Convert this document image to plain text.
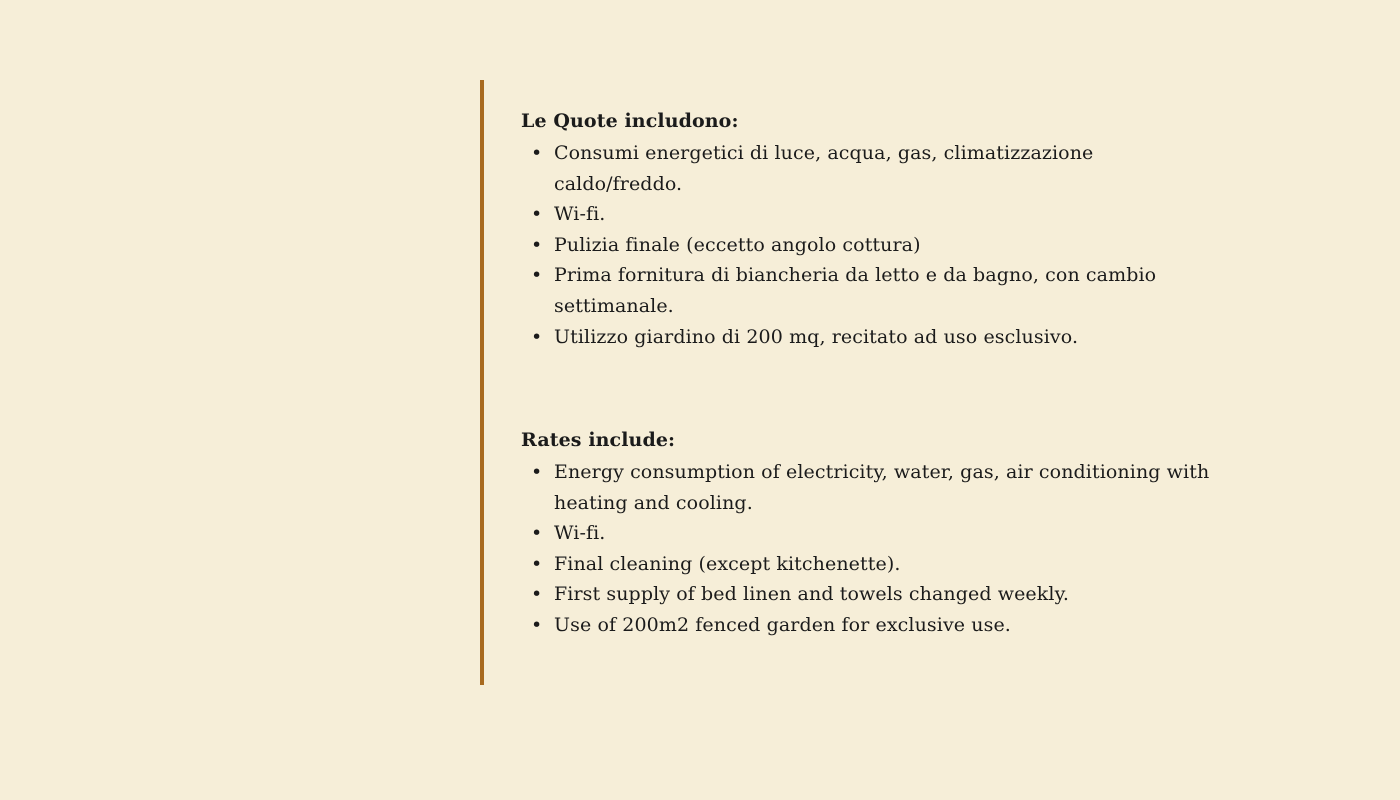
Le Quote includono:
• Consumi energetici di luce, acqua, gas, climatizzazione caldo/freddo.
• Wi-fi.
• Pulizia finale (eccetto angolo cottura)
• Prima fornitura di biancheria da letto e da bagno, con cambio settimanale.
• Utilizzo giardino di 200 mq, recitato ad uso esclusivo.
Rates include:
• Energy consumption of electricity, water, gas, air conditioning with heating and cooling.
• Wi-fi.
• Final cleaning (except kitchenette).
• First supply of bed linen and towels changed weekly.
• Use of 200m2 fenced garden for exclusive use.
